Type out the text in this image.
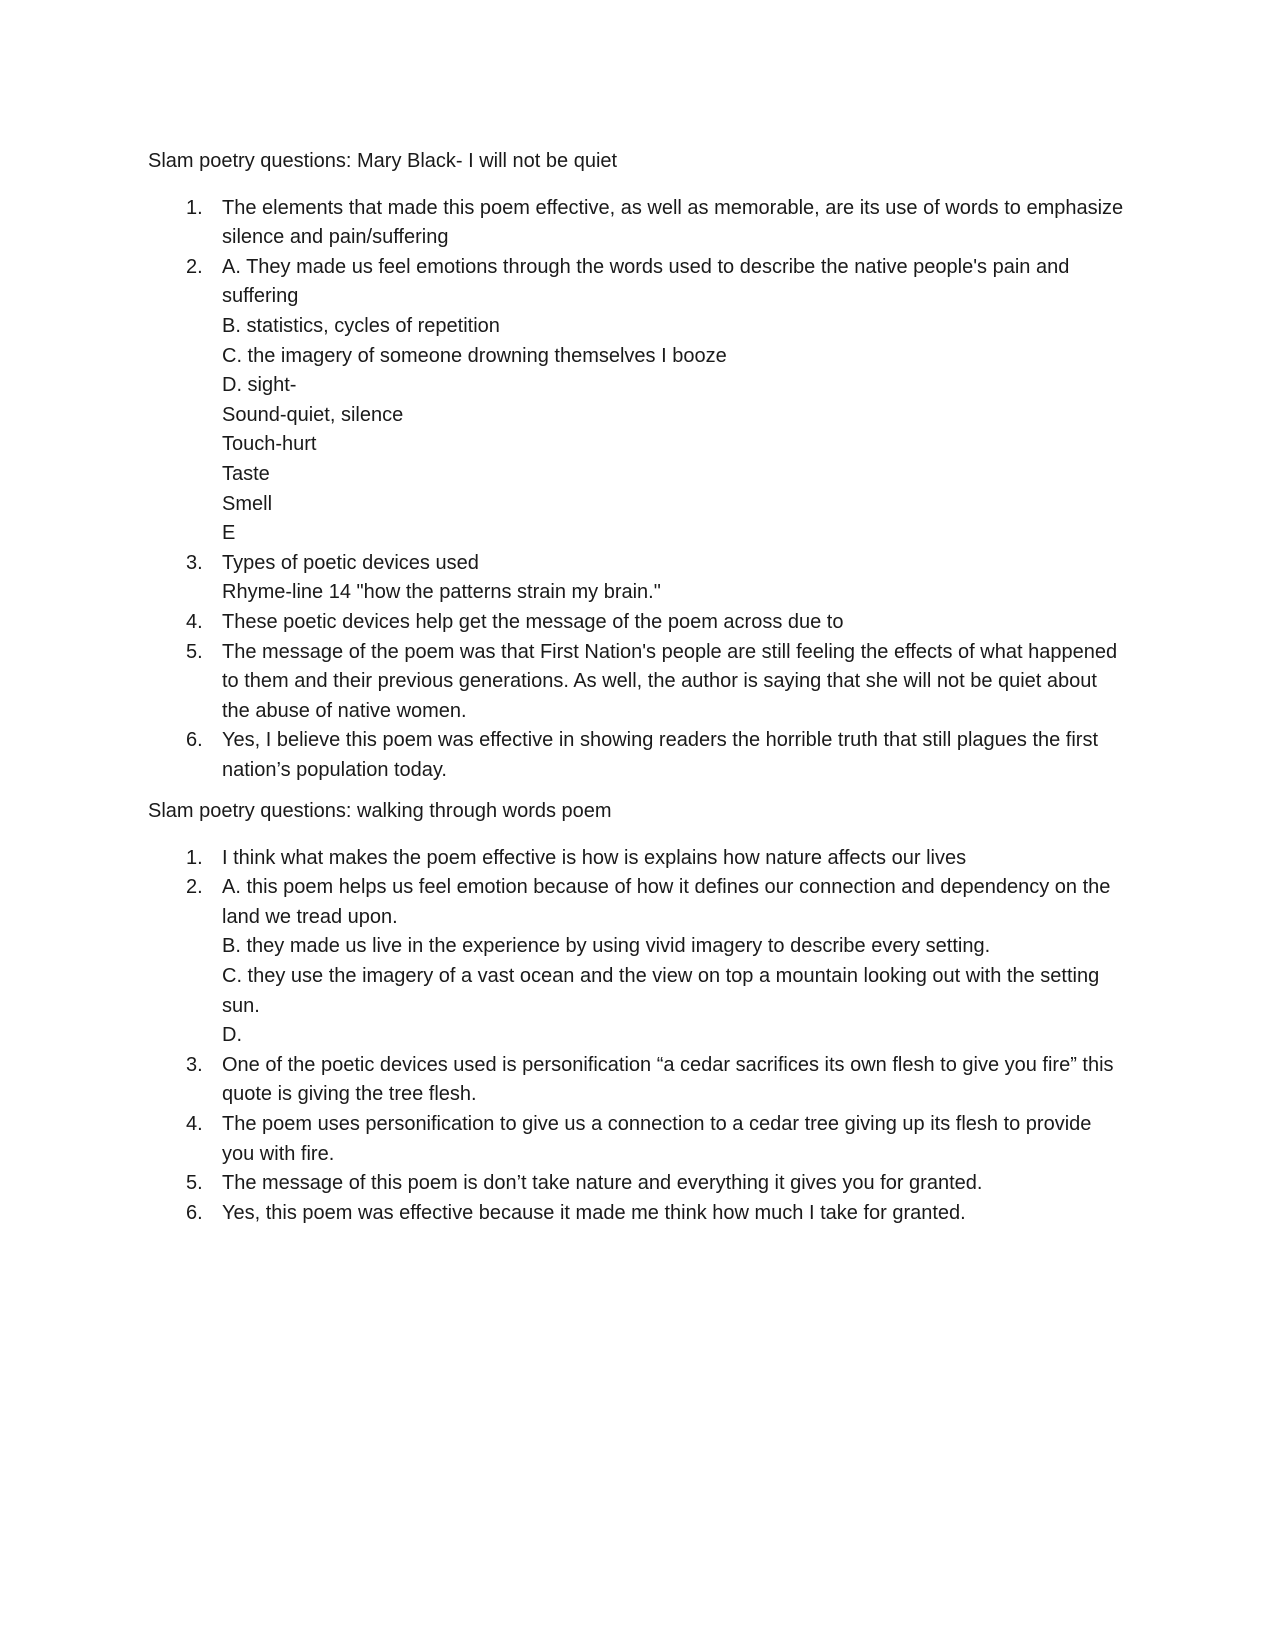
Slam poetry questions: Mary Black- I will not be quiet

1. The elements that made this poem effective, as well as memorable, are its use of words to emphasize silence and pain/suffering
2. A. They made us feel emotions through the words used to describe the native people's pain and suffering
B. statistics, cycles of repetition
C. the imagery of someone drowning themselves I booze
D. sight-
Sound-quiet, silence
Touch-hurt
Taste
Smell
E
3. Types of poetic devices used
Rhyme-line 14 "how the patterns strain my brain."
4. These poetic devices help get the message of the poem across due to
5. The message of the poem was that First Nation's people are still feeling the effects of what happened to them and their previous generations. As well, the author is saying that she will not be quiet about the abuse of native women.
6. Yes, I believe this poem was effective in showing readers the horrible truth that still plagues the first nation’s population today.

Slam poetry questions: walking through words poem

1. I think what makes the poem effective is how is explains how nature affects our lives
2. A. this poem helps us feel emotion because of how it defines our connection and dependency on the land we tread upon.
B. they made us live in the experience by using vivid imagery to describe every setting.
C. they use the imagery of a vast ocean and the view on top a mountain looking out with the setting sun.
D.
3. One of the poetic devices used is personification “a cedar sacrifices its own flesh to give you fire” this quote is giving the tree flesh.
4. The poem uses personification to give us a connection to a cedar tree giving up its flesh to provide you with fire.
5. The message of this poem is don’t take nature and everything it gives you for granted.
6. Yes, this poem was effective because it made me think how much I take for granted.
